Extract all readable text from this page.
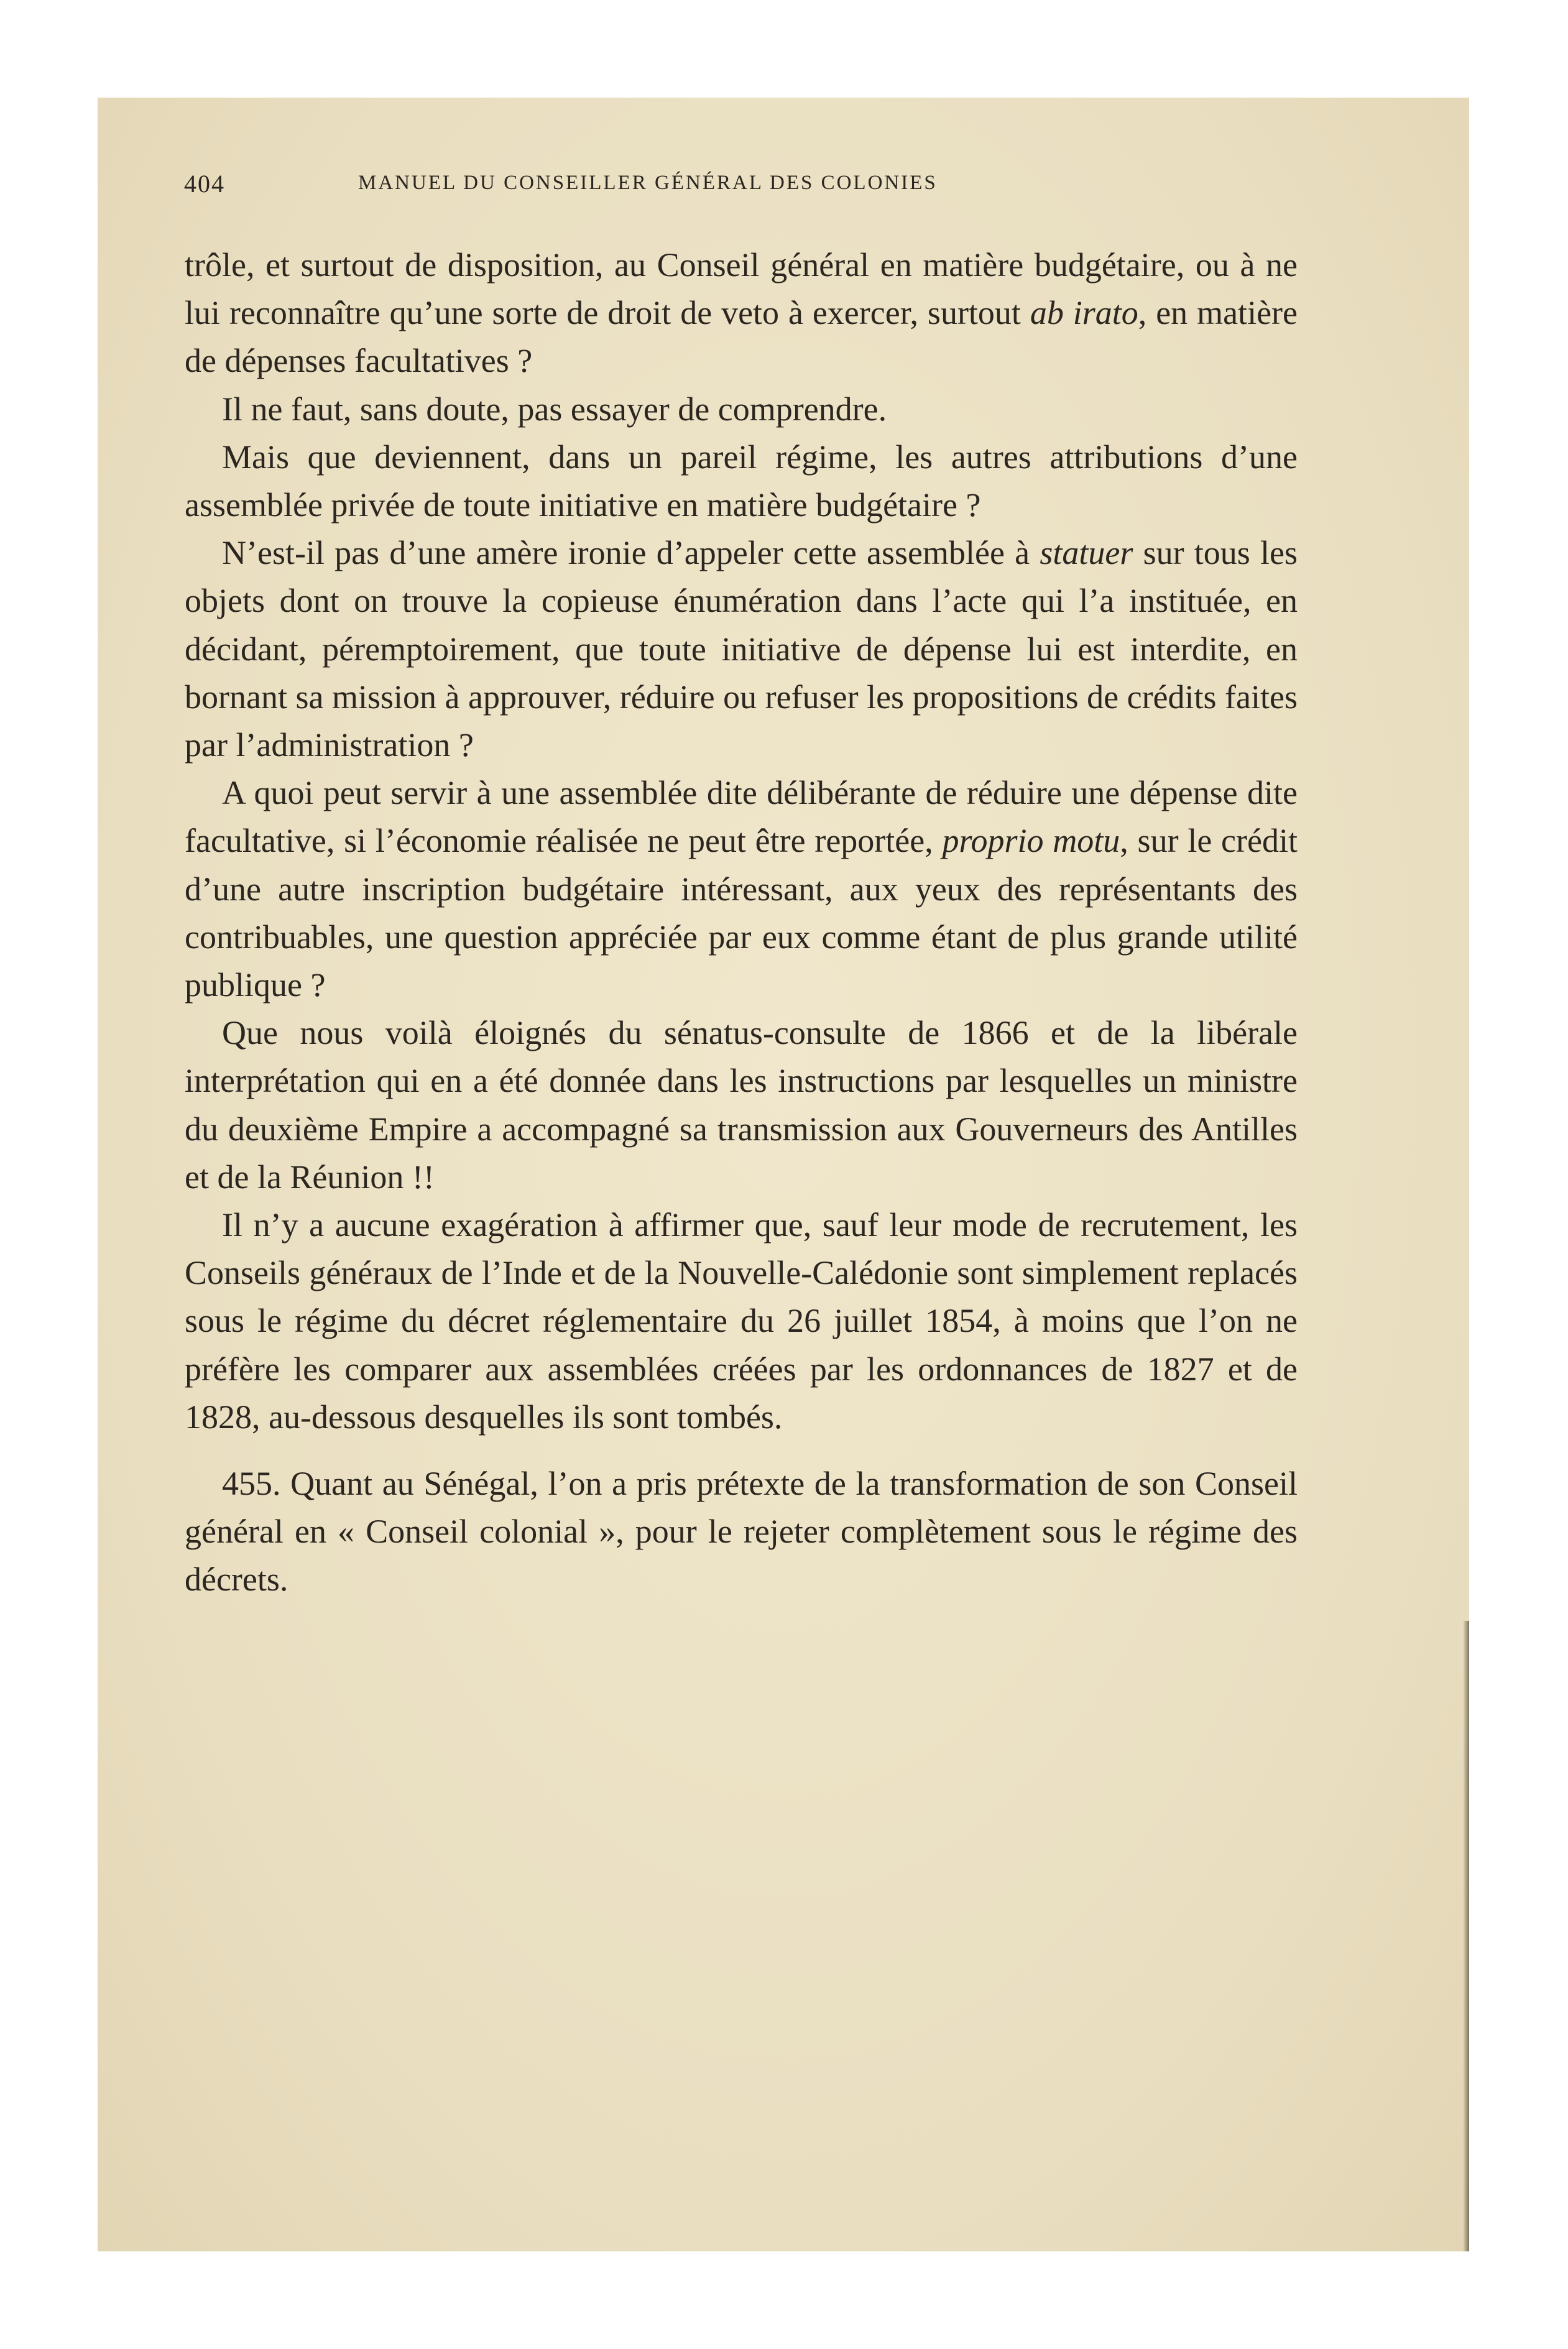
404	MANUEL DU CONSEILLER GÉNÉRAL DES COLONIES

trôle, et surtout de disposition, au Conseil général en matière budgétaire, ou à ne lui reconnaître qu’une sorte de droit de veto à exercer, surtout ab irato, en matière de dépenses facultatives ?

Il ne faut, sans doute, pas essayer de comprendre.

Mais que deviennent, dans un pareil régime, les autres attributions d’une assemblée privée de toute initiative en matière budgétaire ?

N’est-il pas d’une amère ironie d’appeler cette assemblée à statuer sur tous les objets dont on trouve la copieuse énumération dans l’acte qui l’a instituée, en décidant, péremptoirement, que toute initiative de dépense lui est interdite, en bornant sa mission à approuver, réduire ou refuser les propositions de crédits faites par l’administration ?

A quoi peut servir à une assemblée dite délibérante de réduire une dépense dite facultative, si l’économie réalisée ne peut être reportée, proprio motu, sur le crédit d’une autre inscription budgétaire intéressant, aux yeux des représentants des contribuables, une question appréciée par eux comme étant de plus grande utilité publique ?

Que nous voilà éloignés du sénatus-consulte de 1866 et de la libérale interprétation qui en a été donnée dans les instructions par lesquelles un ministre du deuxième Empire a accompagné sa transmission aux Gouverneurs des Antilles et de la Réunion !!

Il n’y a aucune exagération à affirmer que, sauf leur mode de recrutement, les Conseils généraux de l’Inde et de la Nouvelle-Calédonie sont simplement replacés sous le régime du décret réglementaire du 26 juillet 1854, à moins que l’on ne préfère les comparer aux assemblées créées par les ordonnances de 1827 et de 1828, au-dessous desquelles ils sont tombés.

455. Quant au Sénégal, l’on a pris prétexte de la transformation de son Conseil général en « Conseil colonial », pour le rejeter complètement sous le régime des décrets.
